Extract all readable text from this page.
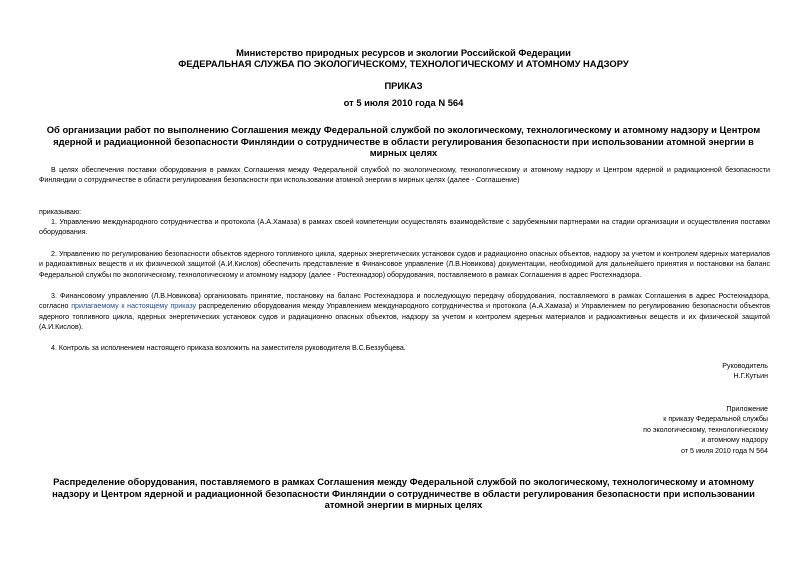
Министерство природных ресурсов и экологии Российской Федерации
ФЕДЕРАЛЬНАЯ СЛУЖБА ПО ЭКОЛОГИЧЕСКОМУ, ТЕХНОЛОГИЧЕСКОМУ И АТОМНОМУ НАДЗОРУ
ПРИКАЗ
от 5 июля 2010 года N 564
Об организации работ по выполнению Соглашения между Федеральной службой по экологическому, технологическому и атомному надзору и Центром ядерной и радиационной безопасности Финляндии о сотрудничестве в области регулирования безопасности при использовании атомной энергии в мирных целях
В целях обеспечения поставки оборудования в рамках Соглашения между Федеральной службой по экологическому, технологическому и атомному надзору и Центром ядерной и радиационной безопасности Финляндии о сотрудничестве в области регулирования безопасности при использовании атомной энергии в мирных целях (далее - Соглашение)
приказываю:
1. Управлению международного сотрудничества и протокола (А.А.Хамаза) в рамках своей компетенции осуществлять взаимодействие с зарубежными партнерами на стадии организации и осуществления поставки оборудования.
2. Управлению по регулированию безопасности объектов ядерного топливного цикла, ядерных энергетических установок судов и радиационно опасных объектов, надзору за учетом и контролем ядерных материалов и радиоактивных веществ и их физической защитой (А.И.Кислов) обеспечить представление в Финансовое управление (Л.В.Новикова) документации, необходимой для дальнейшего принятия и постановки на баланс Федеральной службы по экологическому, технологическому и атомному надзору (далее - Ростехнадзор) оборудования, поставляемого в рамках Соглашения в адрес Ростехнадзора.
3. Финансовому управлению (Л.В.Новикова) организовать принятие, постановку на баланс Ростехнадзора и последующую передачу оборудования, поставляемого в рамках Соглашения в адрес Ростехнадзора, согласно прилагаемому к настоящему приказу распределению оборудования между Управлением международного сотрудничества и протокола (А.А.Хамаза) и Управлением по регулированию безопасности объектов ядерного топливного цикла, ядерных энергетических установок судов и радиационно опасных объектов, надзору за учетом и контролем ядерных материалов и радиоактивных веществ и их физической защитой (А.И.Кислов).
4. Контроль за исполнением настоящего приказа возложить на заместителя руководителя В.С.Беззубцева.
Руководитель
Н.Г.Кутьин
Приложение
к приказу Федеральной службы
по экологическому, технологическому
и атомному надзору
от 5 июля 2010 года N 564
Распределение оборудования, поставляемого в рамках Соглашения между Федеральной службой по экологическому, технологическому и атомному надзору и Центром ядерной и радиационной безопасности Финляндии о сотрудничестве в области регулирования безопасности при использовании атомной энергии в мирных целях
